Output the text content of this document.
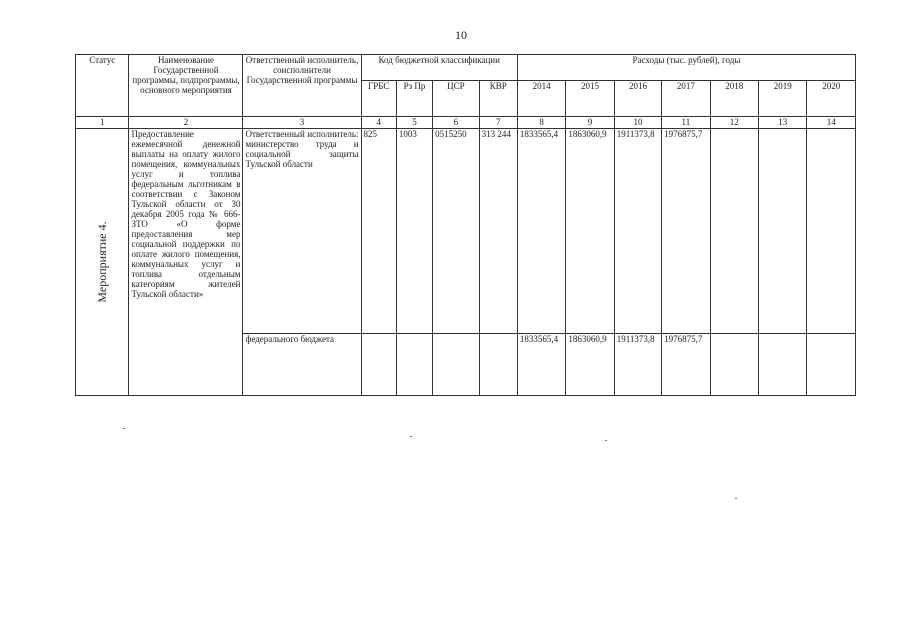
10
Статус	Наименование Государственной программы, подпрограммы, основного мероприятия	Ответственный исполнитель, соисполнители Государственной программы	Код бюджетной классификации				Расходы (тыс. рублей), годы						
			ГРБС	Рз Пр	ЦСР	КВР	2014	2015	2016	2017	2018	2019	2020
1	2	3	4	5	6	7	8	9	10	11	12	13	14

Мероприятие 4.	Предоставление ежемесячной денежной выплаты на оплату жилого помещения, коммунальных услуг и топлива федеральным льготникам в соответствии с Законом Тульской области от 30 декабря 2005 года № 666-ЗТО «О форме предоставления мер социальной поддержки по оплате жилого помещения, коммунальных услуг и топлива отдельным категориям жителей Тульской области»	Ответственный исполнитель: министерство труда и социальной защиты Тульской области	825	1003	0515250	313 244	1833565,4	1863060,9	1911373,8	1976875,7			
		федерального бюджета					1833565,4	1863060,9	1911373,8	1976875,7			
